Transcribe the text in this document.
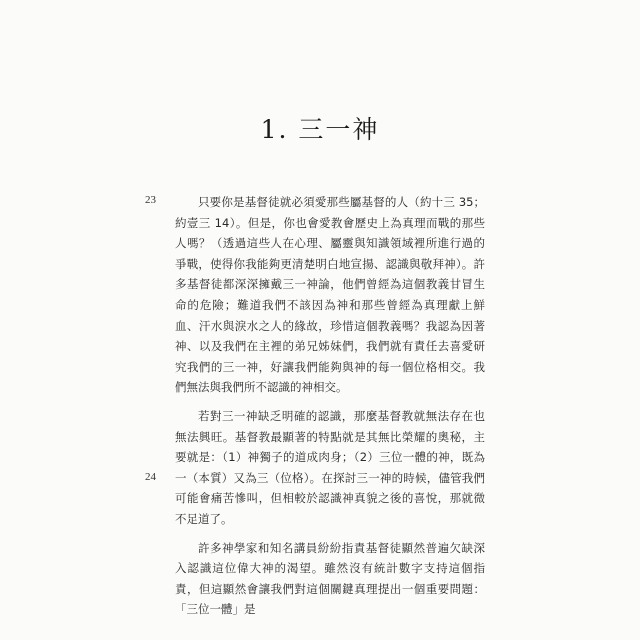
1. 三一神
23
24

只要你是基督徒就必須愛那些屬基督的人（約十三 35；約壹三 14）。但是，你也會愛教會歷史上為真理而戰的那些人嗎？（透過這些人在心理、屬靈與知識領域裡所進行過的爭戰，使得你我能夠更清楚明白地宣揚、認識與敬拜神）。許多基督徒都深深擁戴三一神論，他們曾經為這個教義甘冒生命的危險；難道我們不該因為神和那些曾經為真理獻上鮮血、汗水與淚水之人的緣故，珍惜這個教義嗎？我認為因著神、以及我們在主裡的弟兄姊妹們，我們就有責任去喜愛研究我們的三一神，好讓我們能夠與神的每一個位格相交。我們無法與我們所不認識的神相交。

若對三一神缺乏明確的認識，那麼基督教就無法存在也無法興旺。基督教最顯著的特點就是其無比榮耀的奧秘，主要就是：（1）神獨子的道成肉身；（2）三位一體的神，既為一（本質）又為三（位格）。在探討三一神的時候，儘管我們可能會痛苦慘叫，但相較於認識神真貌之後的喜悅，那就微不足道了。

許多神學家和知名講員紛紛指責基督徒顯然普遍欠缺深入認識這位偉大神的渴望。雖然沒有統計數字支持這個指責，但這顯然會讓我們對這個關鍵真理提出一個重要問題：「三位一體」是
